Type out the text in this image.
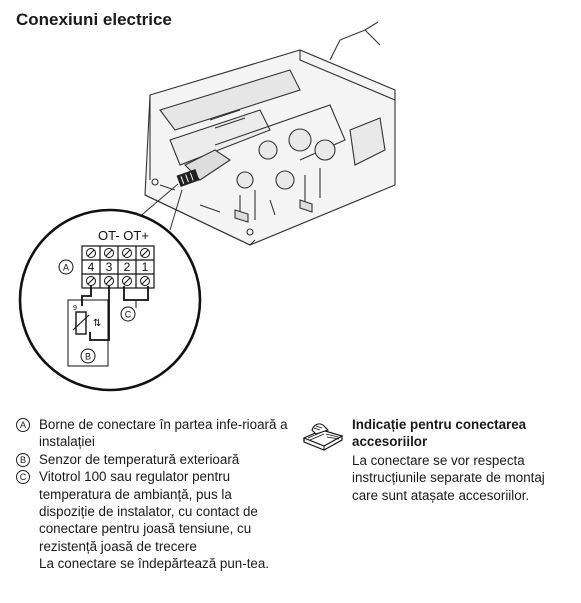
Conexiuni electrice
OT- OT+
4 3 2 1
A
C
9
⇅
B
A Borne de conectare în partea infe-rioară a instalației
B Senzor de temperatură exterioară
C Vitotrol 100 sau regulator pentru temperatura de ambianță, pus la dispoziție de instalator, cu contact de conectare pentru joasă tensiune, cu rezistență joasă de trecere
La conectare se îndepărtează pun-tea.
Indicație pentru conectarea accesoriilor
La conectare se vor respecta instrucțiunile separate de montaj care sunt atașate accesoriilor.
